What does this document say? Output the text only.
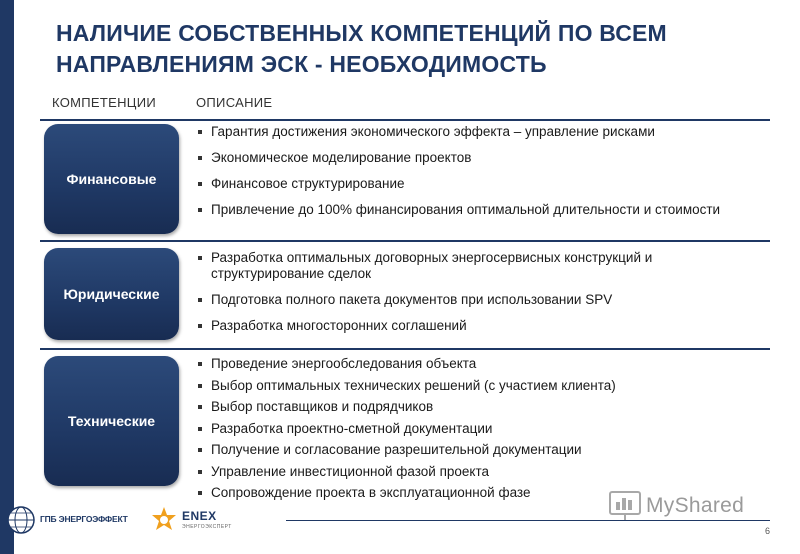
НАЛИЧИЕ СОБСТВЕННЫХ КОМПЕТЕНЦИЙ ПО ВСЕМ НАПРАВЛЕНИЯМ ЭСК - НЕОБХОДИМОСТЬ
КОМПЕТЕНЦИИ	ОПИСАНИЕ
Финансовые
Гарантия достижения экономического эффекта – управление рисками
Экономическое моделирование проектов
Финансовое структурирование
Привлечение до 100% финансирования оптимальной длительности и стоимости
Юридические
Разработка оптимальных договорных энергосервисных конструкций и структурирование сделок
Подготовка полного пакета документов при использовании SPV
Разработка многосторонних соглашений
Технические
Проведение энергообследования объекта
Выбор оптимальных технических решений (с участием клиента)
Выбор поставщиков и подрядчиков
Разработка проектно-сметной документации
Получение и согласование разрешительной документации
Управление инвестиционной фазой проекта
Сопровождение проекта в эксплуатационной фазе
ГПБ ЭНЕРГОЭФФЕКТ	ENEX
ЭНЕРГОЭКСПЕРТ
MyShared
6
